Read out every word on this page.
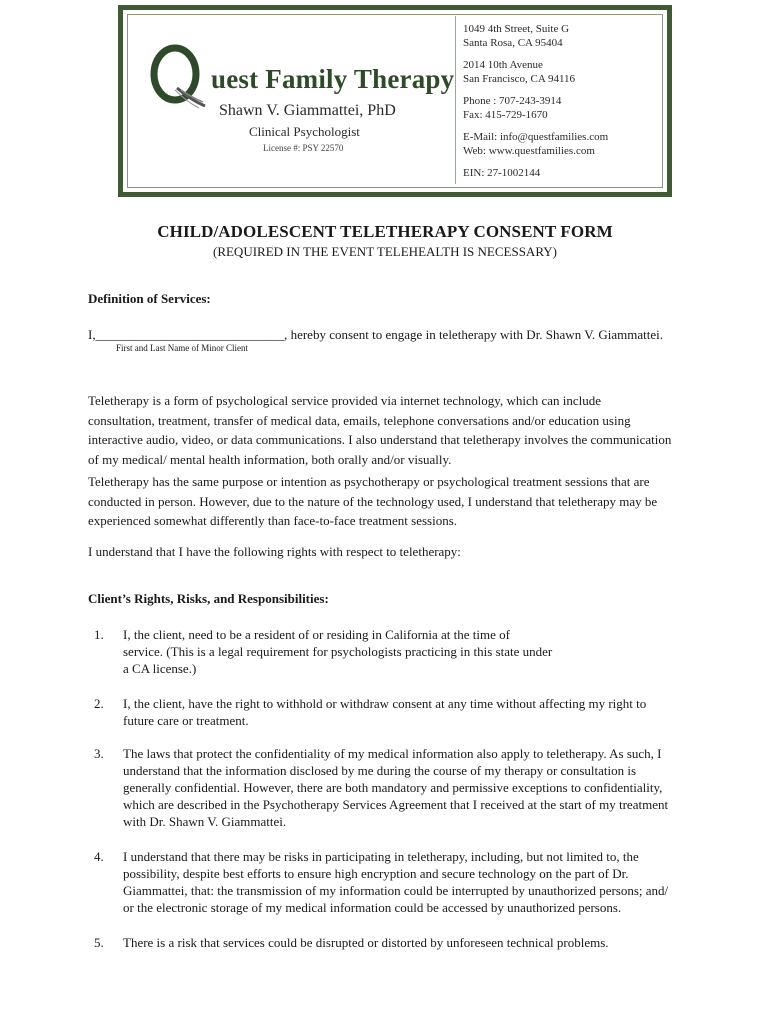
uest Family Therapy
Shawn V. Giammattei, PhD
Clinical Psychologist
License #: PSY 22570
1049 4th Street, Suite G
Santa Rosa, CA 95404
2014 10th Avenue
San Francisco, CA 94116
Phone : 707-243-3914
Fax: 415-729-1670
E-Mail: info@questfamilies.com
Web: www.questfamilies.com
EIN: 27-1002144
CHILD/ADOLESCENT TELETHERAPY CONSENT FORM
(REQUIRED IN THE EVENT TELEHEALTH IS NECESSARY)
Definition of Services:
I,_____________________________, hereby consent to engage in teletherapy with Dr. Shawn V. Giammattei.
First and Last Name of Minor Client
Teletherapy is a form of psychological service provided via internet technology, which can include
consultation, treatment, transfer of medical data, emails, telephone conversations and/or education using
interactive audio, video, or data communications. I also understand that teletherapy involves the communication
of my medical/ mental health information, both orally and/or visually.
Teletherapy has the same purpose or intention as psychotherapy or psychological treatment sessions that are
conducted in person. However, due to the nature of the technology used, I understand that teletherapy may be
experienced somewhat differently than face-to-face treatment sessions.
I understand that I have the following rights with respect to teletherapy:
Client’s Rights, Risks, and Responsibilities:
1. I, the client, need to be a resident of or residing in California at the time of
service. (This is a legal requirement for psychologists practicing in this state under
a CA license.)
2. I, the client, have the right to withhold or withdraw consent at any time without affecting my right to
future care or treatment.
3. The laws that protect the confidentiality of my medical information also apply to teletherapy. As such, I
understand that the information disclosed by me during the course of my therapy or consultation is
generally confidential. However, there are both mandatory and permissive exceptions to confidentiality,
which are described in the Psychotherapy Services Agreement that I received at the start of my treatment
with Dr. Shawn V. Giammattei.
4. I understand that there may be risks in participating in teletherapy, including, but not limited to, the
possibility, despite best efforts to ensure high encryption and secure technology on the part of Dr.
Giammattei, that: the transmission of my information could be interrupted by unauthorized persons; and/
or the electronic storage of my medical information could be accessed by unauthorized persons.
5. There is a risk that services could be disrupted or distorted by unforeseen technical problems.
